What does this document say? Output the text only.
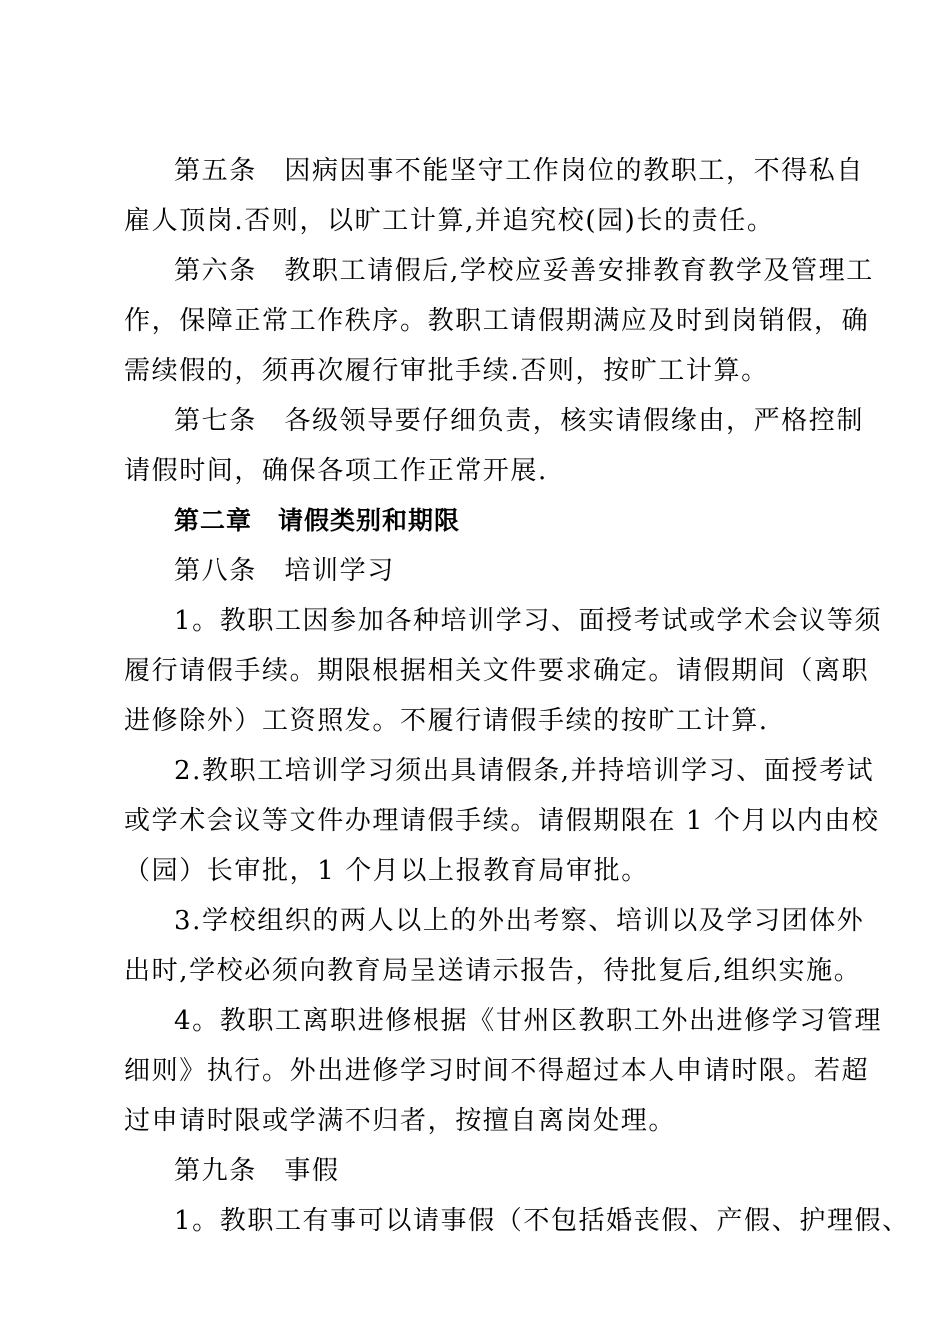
第五条　因病因事不能坚守工作岗位的教职工，不得私自
雇人顶岗.否则，以旷工计算,并追究校(园)长的责任。
第六条　教职工请假后,学校应妥善安排教育教学及管理工
作，保障正常工作秩序。教职工请假期满应及时到岗销假，确
需续假的，须再次履行审批手续.否则，按旷工计算。
第七条　各级领导要仔细负责，核实请假缘由，严格控制
请假时间，确保各项工作正常开展.
第二章　请假类别和期限
第八条　培训学习
1。教职工因参加各种培训学习、面授考试或学术会议等须
履行请假手续。期限根据相关文件要求确定。请假期间（离职
进修除外）工资照发。不履行请假手续的按旷工计算.
2.教职工培训学习须出具请假条,并持培训学习、面授考试
或学术会议等文件办理请假手续。请假期限在 1 个月以内由校
（园）长审批，1 个月以上报教育局审批。
3.学校组织的两人以上的外出考察、培训以及学习团体外
出时,学校必须向教育局呈送请示报告，待批复后,组织实施。
4。教职工离职进修根据《甘州区教职工外出进修学习管理
细则》执行。外出进修学习时间不得超过本人申请时限。若超
过申请时限或学满不归者，按擅自离岗处理。
第九条　事假
1。教职工有事可以请事假（不包括婚丧假、产假、护理假、
